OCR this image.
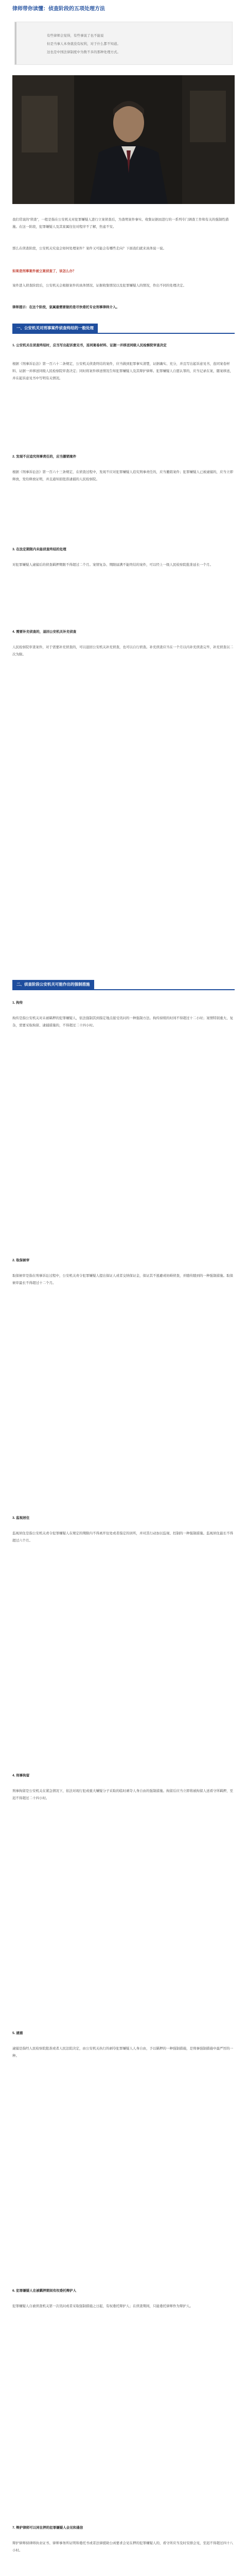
律师带你读懂：侦查阶段的五项处理方法

有些律师会觉得，有些事说了也不能说

但是当事人本身就没有权利，对于什么都不知道。

这也是中国法律制度中为数不多的那种处理方式。

我们常说的“侦查”，一般是指在公安机关对犯罪嫌疑人进行立案侦查后，为查明案件事实、收集证据而进行的一系列专门调查工作和有关的强制性措施。在这一阶段，犯罪嫌疑人及其家属往往对程序不了解，焦虑不安。

那么在侦查阶段，公安机关究竟会如何处理案件？案件又可能会有哪些走向？下面我们就来具体说一说。

如果是刑事案件被立案侦查了，该怎么办？

案件进入侦查阶段后，公安机关会根据案件的具体情况、证据收集情况以及犯罪嫌疑人的情况，作出不同的处理决定。

律师提示：在这个阶段，家属最需要做的是尽快委托专业刑事律师介入。

一、公安机关对刑事案件侦查终结的一般处理

1. 公安机关在侦查终结时，应当写出起诉意见书，连同案卷材料、证据一并移送同级人民检察院审查决定

根据《刑事诉讼法》第一百六十二条规定，公安机关侦查终结的案件，应当做到犯罪事实清楚，证据确实、充分，并且写出起诉意见书，连同案卷材料、证据一并移送同级人民检察院审查决定；同时将案件移送情况告知犯罪嫌疑人及其辩护律师。犯罪嫌疑人自愿认罪的，应当记录在案，随案移送，并在起诉意见书中写明有关情况。

2. 发现不应追究刑事责任的，应当撤销案件

根据《刑事诉讼法》第一百六十三条规定，在侦查过程中，发现不应对犯罪嫌疑人追究刑事责任的，应当撤销案件；犯罪嫌疑人已被逮捕的，应当立即释放，发给释放证明，并且通知原批准逮捕的人民检察院。

3. 在法定期限内未能侦查终结的处理

对犯罪嫌疑人逮捕后的侦查羁押期限不得超过二个月。案情复杂、期限届满不能终结的案件，可以经上一级人民检察院批准延长一个月。

4. 需要补充侦查的，退回公安机关补充侦查

人民检察院审查案件，对于需要补充侦查的，可以退回公安机关补充侦查，也可以自行侦查。补充侦查应当在一个月以内补充侦查完毕，补充侦查以二次为限。

二、侦查阶段公安机关可能作出的强制措施

1. 拘传

拘传是指公安机关对未被羁押的犯罪嫌疑人，依法强制其到指定地点接受讯问的一种强制方法。拘传持续的时间不得超过十二小时；案情特别重大、复杂，需要采取拘留、逮捕措施的，不得超过二十四小时。

2. 取保候审

取保候审是指在刑事诉讼过程中，公安机关责令犯罪嫌疑人提出保证人或者交纳保证金，保证其不逃避或妨碍侦查，并随传随到的一种强制措施。取保候审最长不得超过十二个月。

3. 监视居住

监视居住是指公安机关责令犯罪嫌疑人在规定的期限内不得离开住处或者指定的居所，并对其行动加以监视、控制的一种强制措施。监视居住最长不得超过六个月。

4. 刑事拘留

刑事拘留是公安机关在紧急情况下，依法对现行犯或重大嫌疑分子采取的临时剥夺人身自由的强制措施。拘留后应当立即将被拘留人送看守所羁押，至迟不得超过二十四小时。

5. 逮捕

逮捕是指经人民检察院批准或者人民法院决定，由公安机关执行的剥夺犯罪嫌疑人人身自由，予以羁押的一种强制措施，是刑事强制措施中最严厉的一种。

6. 犯罪嫌疑人在被羁押期间有权委托辩护人

犯罪嫌疑人自被侦查机关第一次讯问或者采取强制措施之日起，有权委托辩护人；在侦查期间，只能委托律师作为辩护人。

7. 辩护律师可以同在押的犯罪嫌疑人会见和通信

辩护律师持律师执业证书、律师事务所证明和委托书或者法律援助公函要求会见在押的犯罪嫌疑人的，看守所应当及时安排会见，至迟不得超过四十八小时。
